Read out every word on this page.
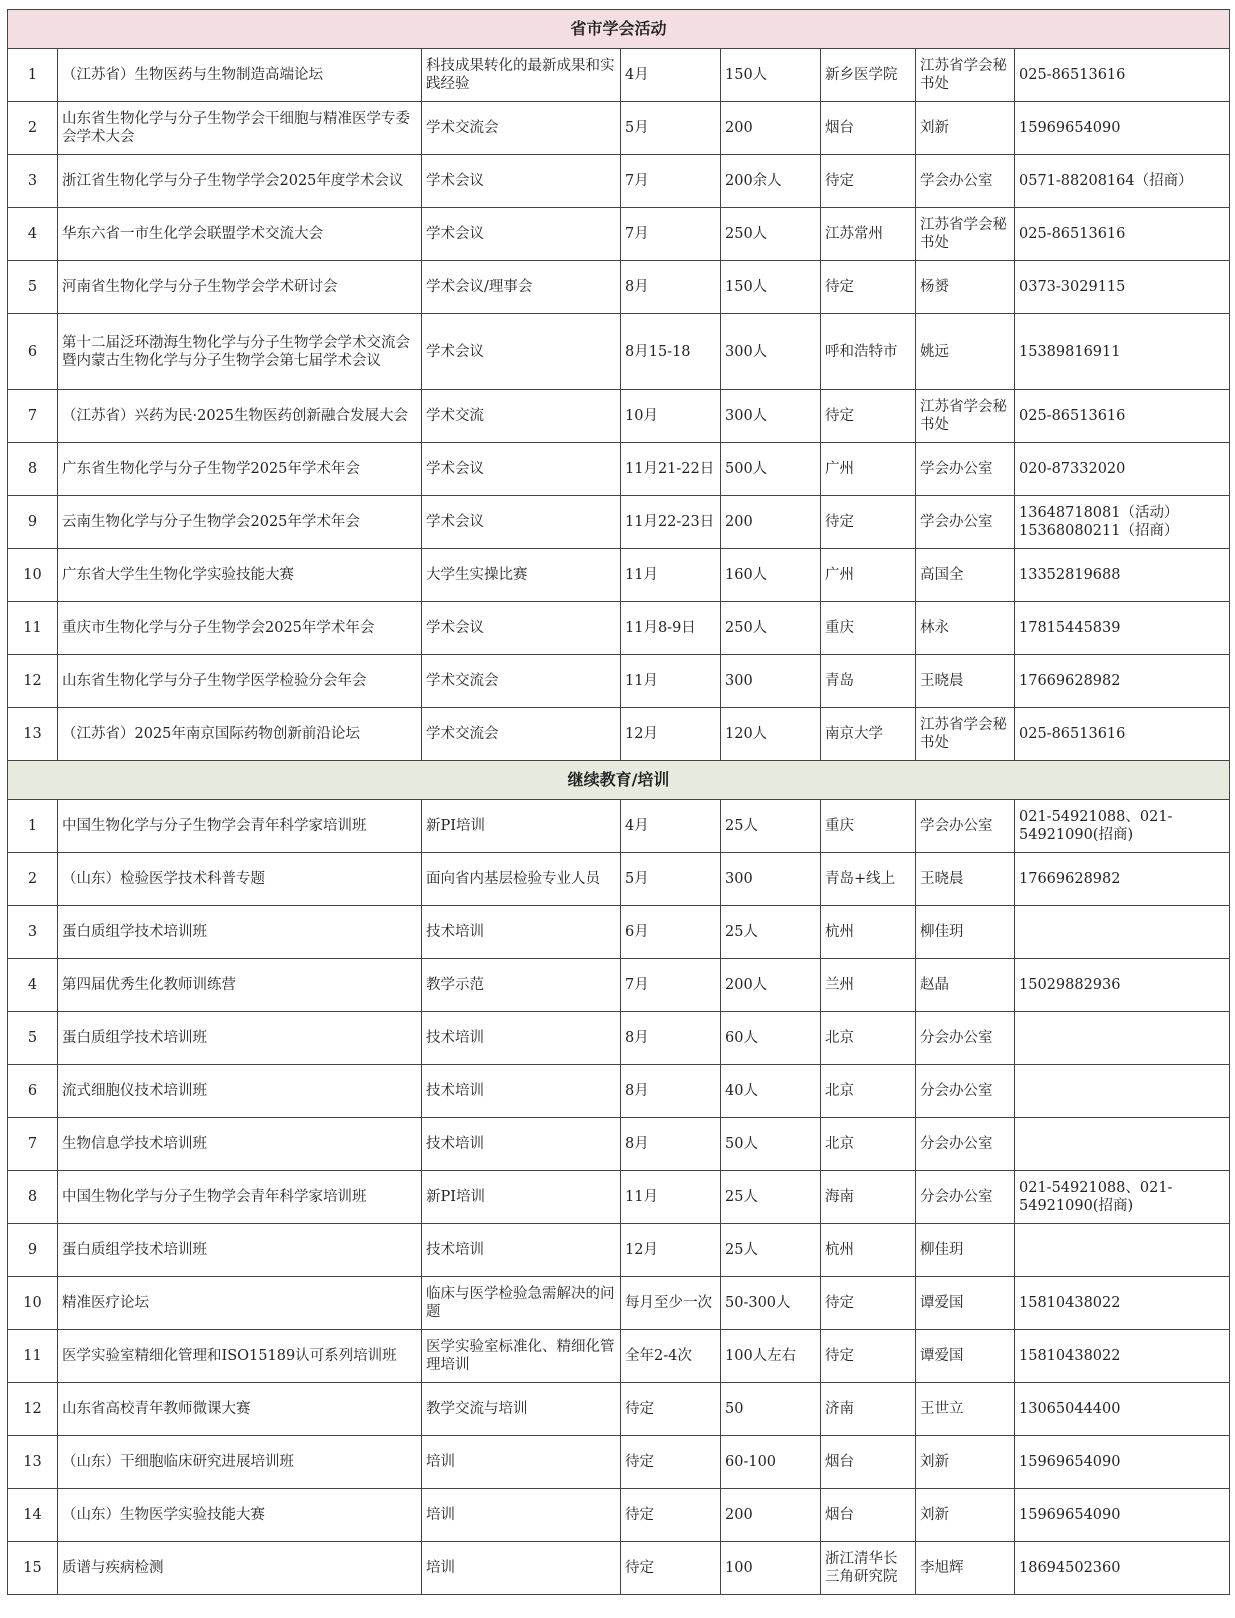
省市学会活动							
1	（江苏省）生物医药与生物制造高端论坛	科技成果转化的最新成果和实践经验	4月	150人	新乡医学院	江苏省学会秘书处	025-86513616
2	山东省生物化学与分子生物学会干细胞与精准医学专委会学术大会	学术交流会	5月	200	烟台	刘新	15969654090
3	浙江省生物化学与分子生物学学会2025年度学术会议	学术会议	7月	200余人	待定	学会办公室	0571-88208164（招商）
4	华东六省一市生化学会联盟学术交流大会	学术会议	7月	250人	江苏常州	江苏省学会秘书处	025-86513616
5	河南省生物化学与分子生物学会学术研讨会	学术会议/理事会	8月	150人	待定	杨赟	0373-3029115
6	第十二届泛环渤海生物化学与分子生物学会学术交流会暨内蒙古生物化学与分子生物学会第七届学术会议	学术会议	8月15-18	300人	呼和浩特市	姚远	15389816911
7	（江苏省）兴药为民·2025生物医药创新融合发展大会	学术交流	10月	300人	待定	江苏省学会秘书处	025-86513616
8	广东省生物化学与分子生物学2025年学术年会	学术会议	11月21-22日	500人	广州	学会办公室	020-87332020
9	云南生物化学与分子生物学会2025年学术年会	学术会议	11月22-23日	200	待定	学会办公室	13648718081（活动）15368080211（招商）
10	广东省大学生生物化学实验技能大赛	大学生实操比赛	11月	160人	广州	高国全	13352819688
11	重庆市生物化学与分子生物学会2025年学术年会	学术会议	11月8-9日	250人	重庆	林永	17815445839
12	山东省生物化学与分子生物学医学检验分会年会	学术交流会	11月	300	青岛	王晓晨	17669628982
13	（江苏省）2025年南京国际药物创新前沿论坛	学术交流会	12月	120人	南京大学	江苏省学会秘书处	025-86513616
继续教育/培训							
1	中国生物化学与分子生物学会青年科学家培训班	新PI培训	4月	25人	重庆	学会办公室	021-54921088、021-54921090(招商)
2	（山东）检验医学技术科普专题	面向省内基层检验专业人员	5月	300	青岛+线上	王晓晨	17669628982
3	蛋白质组学技术培训班	技术培训	6月	25人	杭州	柳佳玥	
4	第四届优秀生化教师训练营	教学示范	7月	200人	兰州	赵晶	15029882936
5	蛋白质组学技术培训班	技术培训	8月	60人	北京	分会办公室	
6	流式细胞仪技术培训班	技术培训	8月	40人	北京	分会办公室	
7	生物信息学技术培训班	技术培训	8月	50人	北京	分会办公室	
8	中国生物化学与分子生物学会青年科学家培训班	新PI培训	11月	25人	海南	分会办公室	021-54921088、021-54921090(招商)
9	蛋白质组学技术培训班	技术培训	12月	25人	杭州	柳佳玥	
10	精准医疗论坛	临床与医学检验急需解决的问题	每月至少一次	50-300人	待定	谭爱国	15810438022
11	医学实验室精细化管理和ISO15189认可系列培训班	医学实验室标准化、精细化管理培训	全年2-4次	100人左右	待定	谭爱国	15810438022
12	山东省高校青年教师微课大赛	教学交流与培训	待定	50	济南	王世立	13065044400
13	（山东）干细胞临床研究进展培训班	培训	待定	60-100	烟台	刘新	15969654090
14	（山东）生物医学实验技能大赛	培训	待定	200	烟台	刘新	15969654090
15	质谱与疾病检测	培训	待定	100	浙江清华长三角研究院	李旭辉	18694502360
